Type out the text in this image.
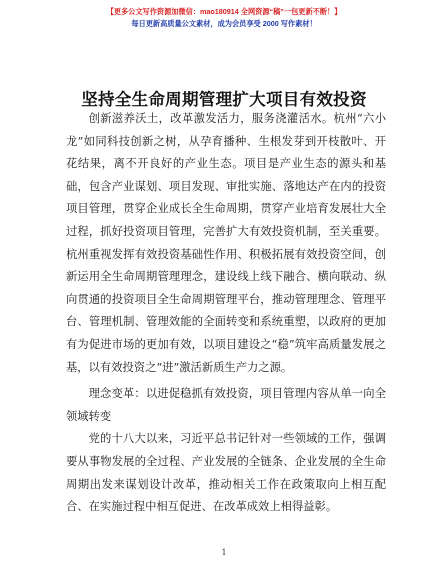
【更多公文写作资源加微信：mao180914 全网资源“稿”一包更新不断！】
每日更新高质量公文素材，成为会员享受 2000 写作素材！
坚持全生命周期管理扩大项目有效投资

创新滋养沃土，改革激发活力，服务浇灌活水。杭州“六小龙”如同科技创新之树，从孕育播种、生根发芽到开枝散叶、开花结果，离不开良好的产业生态。项目是产业生态的源头和基础，包含产业谋划、项目发现、审批实施、落地达产在内的投资项目管理，贯穿企业成长全生命周期，贯穿产业培育发展壮大全过程，抓好投资项目管理，完善扩大有效投资机制，至关重要。杭州重视发挥有效投资基础性作用、积极拓展有效投资空间，创新运用全生命周期管理理念，建设线上线下融合、横向联动、纵向贯通的投资项目全生命周期管理平台，推动管理理念、管理平台、管理机制、管理效能的全面转变和系统重塑，以政府的更加有为促进市场的更加有效，以项目建设之“稳”筑牢高质量发展之基，以有效投资之“进”激活新质生产力之源。

理念变革：以进促稳抓有效投资，项目管理内容从单一向全领域转变

党的十八大以来，习近平总书记针对一些领域的工作，强调要从事物发展的全过程、产业发展的全链条、企业发展的全生命周期出发来谋划设计改革，推动相关工作在政策取向上相互配合、在实施过程中相互促进、在改革成效上相得益彰。

1
